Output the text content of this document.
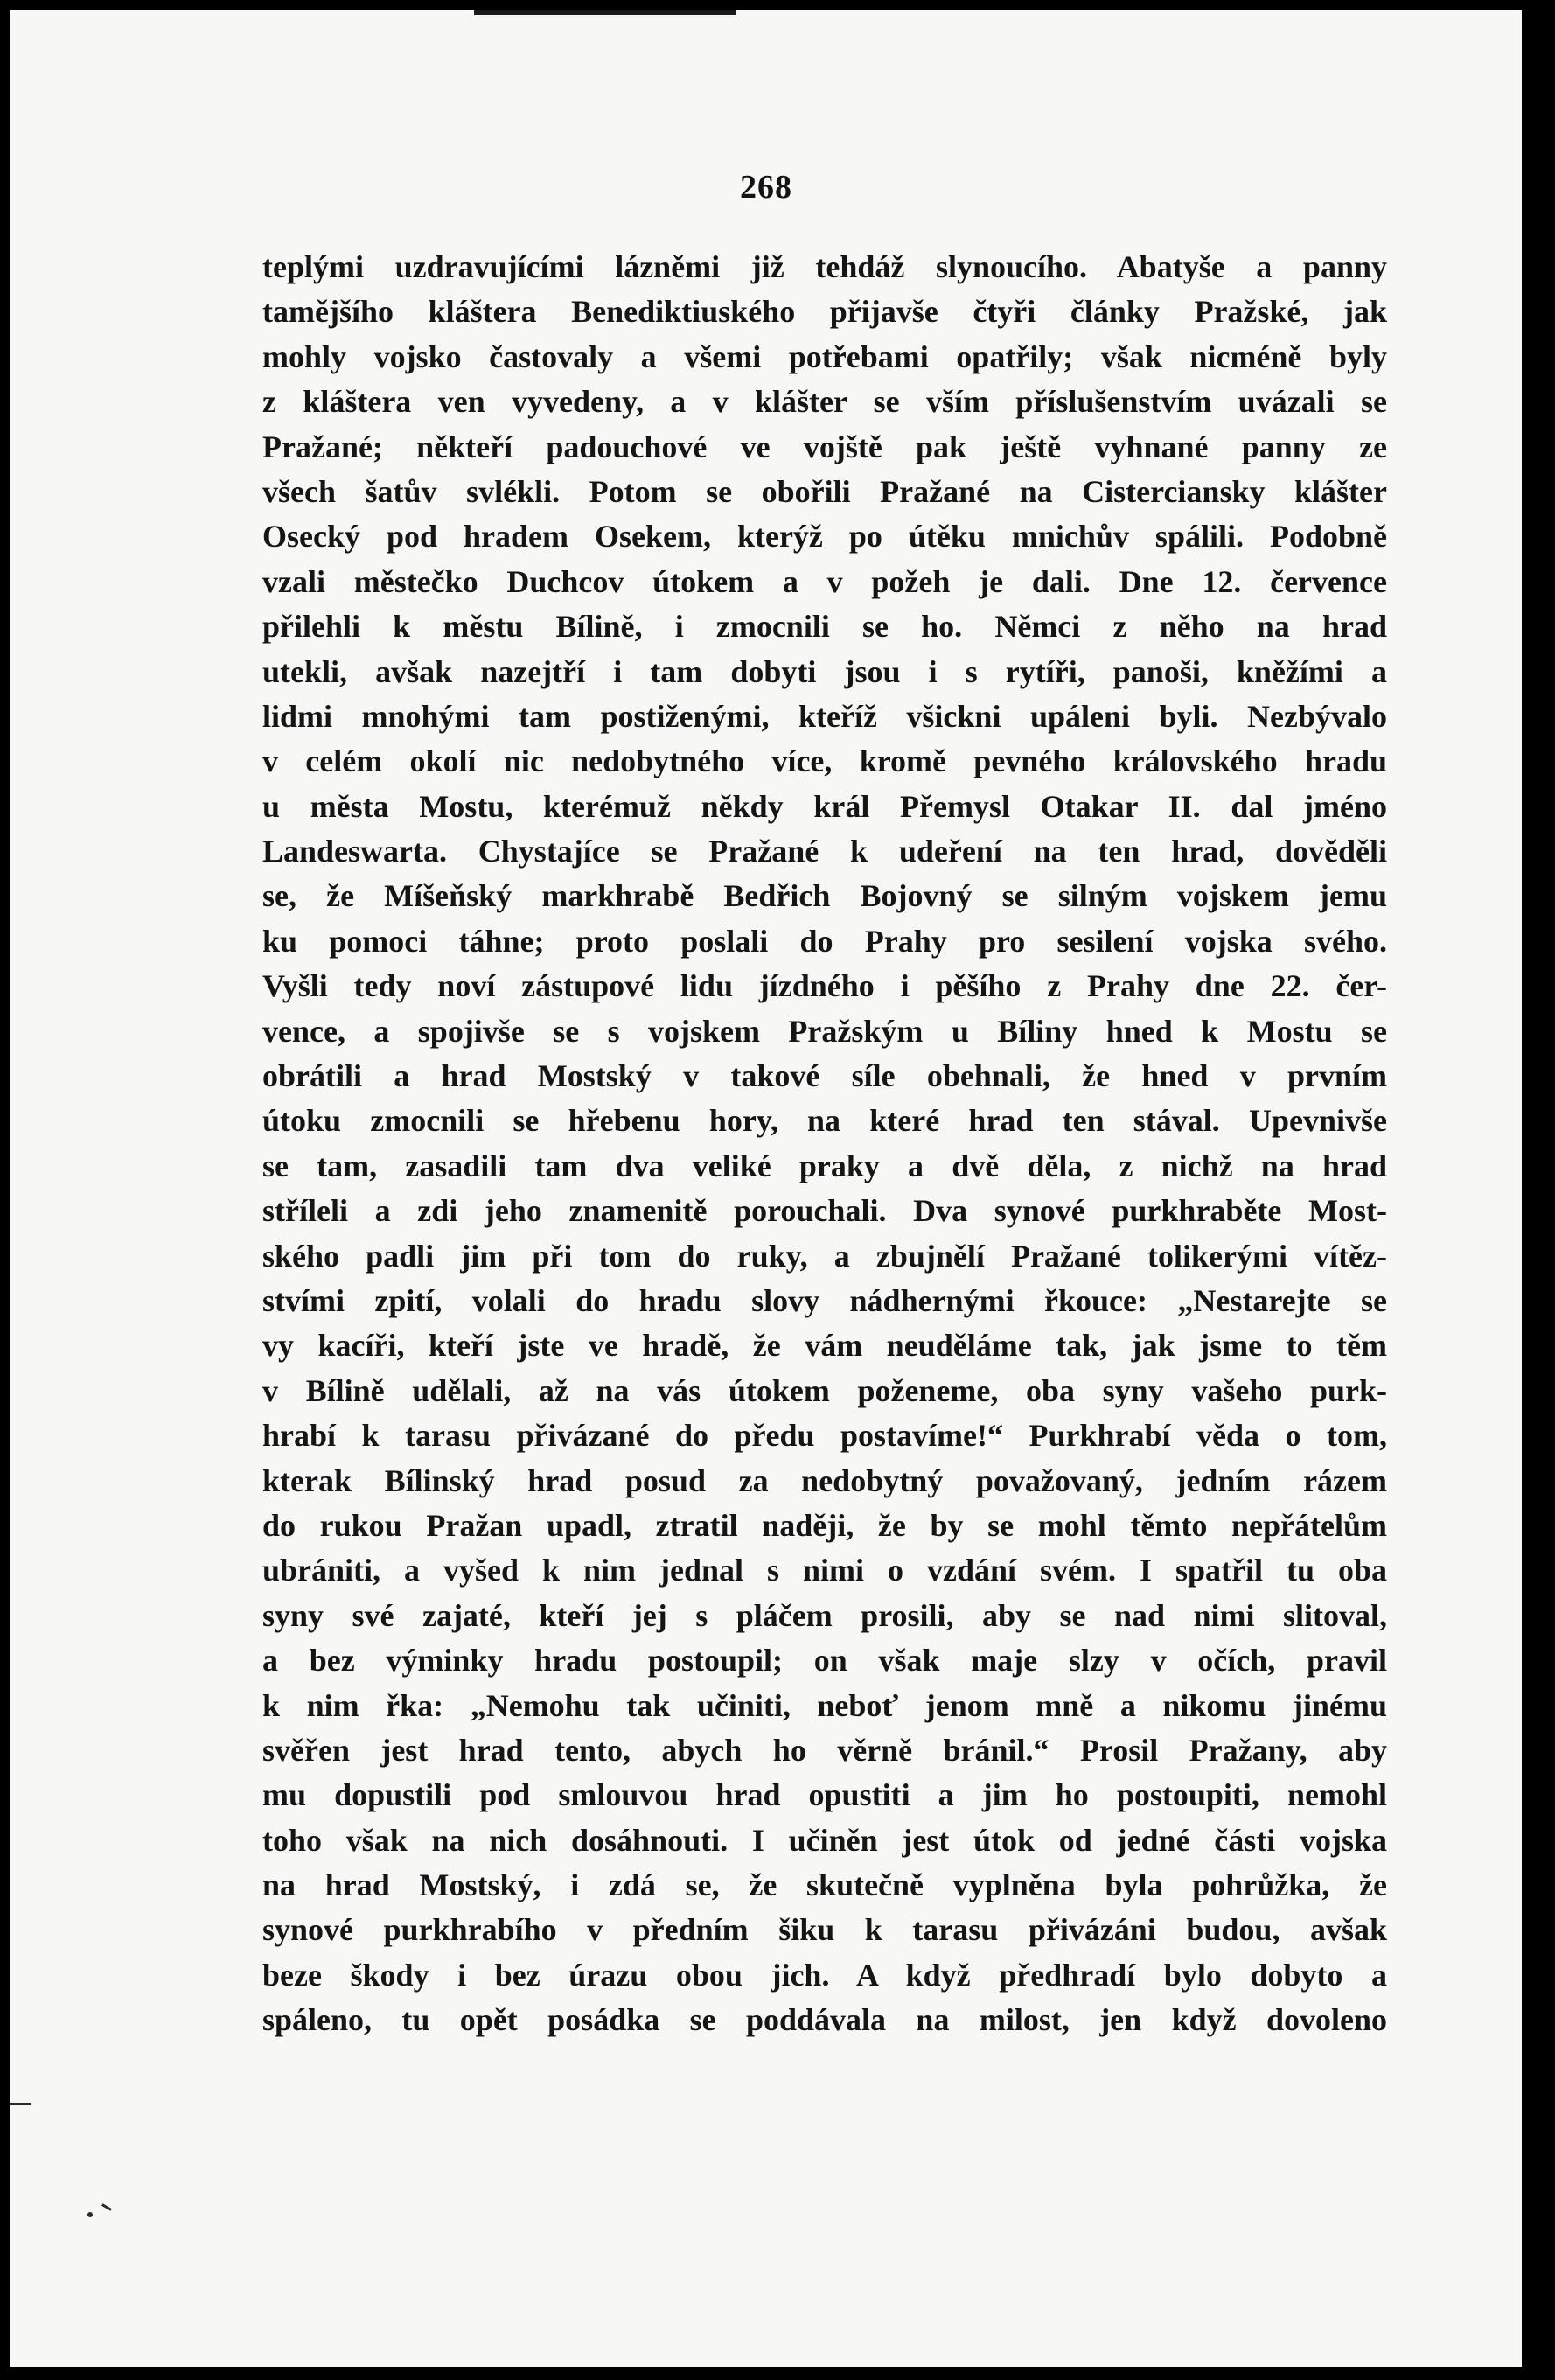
268
teplými uzdravujícími lázněmi již tehdáž slynoucího. Abatyše a panny
tamějšího kláštera Benediktiuského přijavše čtyři články Pražské, jak
mohly vojsko častovaly a všemi potřebami opatřily; však nicméně byly
z kláštera ven vyvedeny, a v klášter se vším příslušenstvím uvázali se
Pražané; někteří padouchové ve vojště pak ještě vyhnané panny ze
všech šatův svlékli. Potom se obořili Pražané na Cisterciansky klášter
Osecký pod hradem Osekem, kterýž po útěku mnichův spálili. Podobně
vzali městečko Duchcov útokem a v požeh je dali. Dne 12. července
přilehli k městu Bílině, i zmocnili se ho. Němci z něho na hrad
utekli, avšak nazejtří i tam dobyti jsou i s rytíři, panoši, kněžími a
lidmi mnohými tam postiženými, kteříž všickni upáleni byli. Nezbývalo
v celém okolí nic nedobytného více, kromě pevného královského hradu
u města Mostu, kterémuž někdy král Přemysl Otakar II. dal jméno
Landeswarta. Chystajíce se Pražané k udeření na ten hrad, dověděli
se, že Míšeňský markhrabě Bedřich Bojovný se silným vojskem jemu
ku pomoci táhne; proto poslali do Prahy pro sesilení vojska svého.
Vyšli tedy noví zástupové lidu jízdného i pěšího z Prahy dne 22. čer-
vence, a spojivše se s vojskem Pražským u Bíliny hned k Mostu se
obrátili a hrad Mostský v takové síle obehnali, že hned v prvním
útoku zmocnili se hřebenu hory, na které hrad ten stával. Upevnivše
se tam, zasadili tam dva veliké praky a dvě děla, z nichž na hrad
stříleli a zdi jeho znamenitě porouchali. Dva synové purkhraběte Most-
ského padli jim při tom do ruky, a zbujnělí Pražané tolikerými vítěz-
stvími zpití, volali do hradu slovy nádhernými řkouce: „Nestarejte se
vy kacíři, kteří jste ve hradě, že vám neuděláme tak, jak jsme to těm
v Bílině udělali, až na vás útokem poženeme, oba syny vašeho purk-
hrabí k tarasu přivázané do předu postavíme!“ Purkhrabí věda o tom,
kterak Bílinský hrad posud za nedobytný považovaný, jedním rázem
do rukou Pražan upadl, ztratil naději, že by se mohl těmto nepřátelům
ubrániti, a vyšed k nim jednal s nimi o vzdání svém. I spatřil tu oba
syny své zajaté, kteří jej s pláčem prosili, aby se nad nimi slitoval,
a bez výminky hradu postoupil; on však maje slzy v očích, pravil
k nim řka: „Nemohu tak učiniti, neboť jenom mně a nikomu jinému
svěřen jest hrad tento, abych ho věrně bránil.“ Prosil Pražany, aby
mu dopustili pod smlouvou hrad opustiti a jim ho postoupiti, nemohl
toho však na nich dosáhnouti. I učiněn jest útok od jedné části vojska
na hrad Mostský, i zdá se, že skutečně vyplněna byla pohrůžka, že
synové purkhrabího v předním šiku k tarasu přivázáni budou, avšak
beze škody i bez úrazu obou jich. A když předhradí bylo dobyto a
spáleno, tu opět posádka se poddávala na milost, jen když dovoleno
